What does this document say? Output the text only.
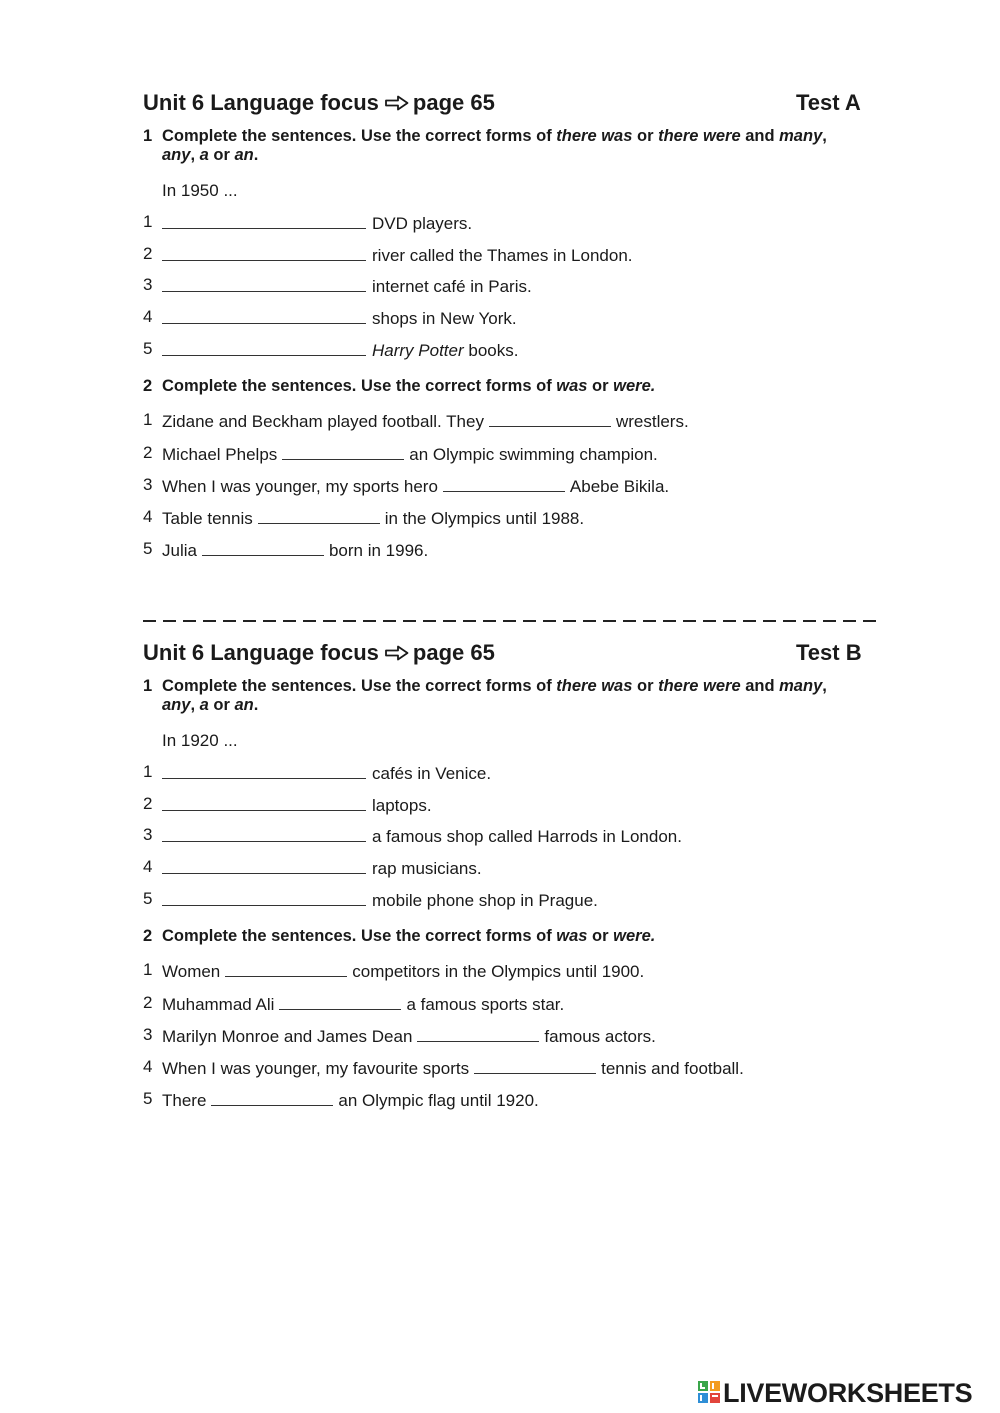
Unit 6 Language focus page 65	Test A
1 Complete the sentences. Use the correct forms of there was or there were and many,
any, a or an.
In 1950 ...
1	DVD players.
2	river called the Thames in London.
3	internet café in Paris.
4	shops in New York.
5	Harry Potter books.
2 Complete the sentences. Use the correct forms of was or were.
1 Zidane and Beckham played football. They	wrestlers.
2 Michael Phelps	an Olympic swimming champion.
3 When I was younger, my sports hero	Abebe Bikila.
4 Table tennis	in the Olympics until 1988.
5 Julia	born in 1996.
Unit 6 Language focus page 65	Test B
1 Complete the sentences. Use the correct forms of there was or there were and many,
any, a or an.
In 1920 ...
1	cafés in Venice.
2	laptops.
3	a famous shop called Harrods in London.
4	rap musicians.
5	mobile phone shop in Prague.
2 Complete the sentences. Use the correct forms of was or were.
1 Women	competitors in the Olympics until 1900.
2 Muhammad Ali	a famous sports star.
3 Marilyn Monroe and James Dean	famous actors.
4 When I was younger, my favourite sports	tennis and football.
5 There	an Olympic flag until 1920.
LIVEWORKSHEETS
